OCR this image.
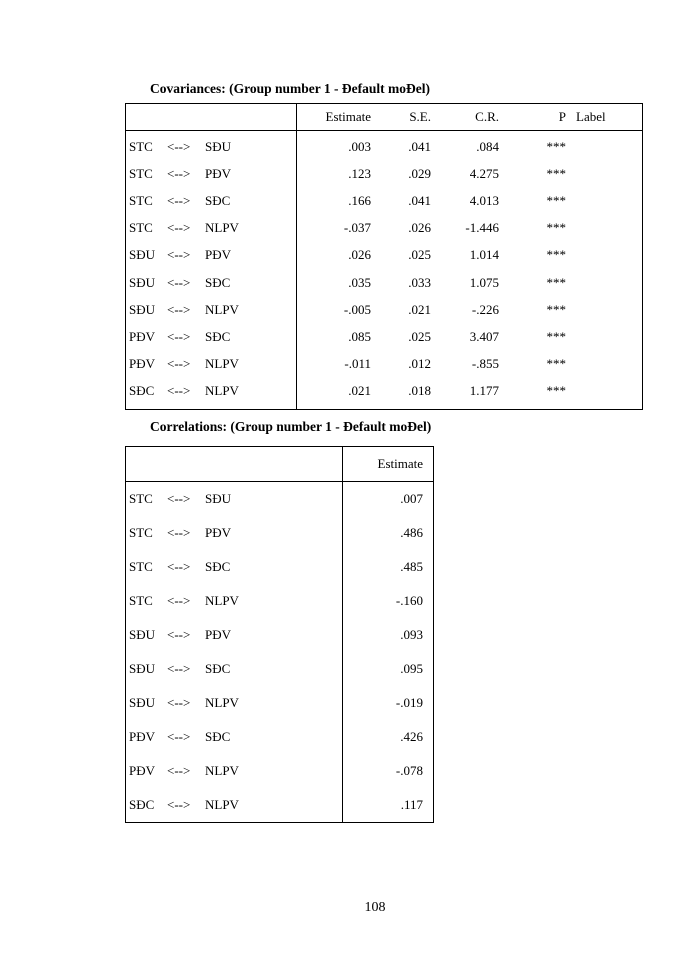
Covariances: (Group number 1 - Đefault moĐel)
	Estimate	S.E.	C.R.	P	Label
STC <--> SĐU	.003	.041	.084	***	
STC <--> PĐV	.123	.029	4.275	***	
STC <--> SĐC	.166	.041	4.013	***	
STC <--> NLPV	-.037	.026	-1.446	***	
SĐU <--> PĐV	.026	.025	1.014	***	
SĐU <--> SĐC	.035	.033	1.075	***	
SĐU <--> NLPV	-.005	.021	-.226	***	
PĐV <--> SĐC	.085	.025	3.407	***	
PĐV <--> NLPV	-.011	.012	-.855	***	
SĐC <--> NLPV	.021	.018	1.177	***	
Correlations: (Group number 1 - Đefault moĐel)
	Estimate
STC <--> SĐU	.007
STC <--> PĐV	.486
STC <--> SĐC	.485
STC <--> NLPV	-.160
SĐU <--> PĐV	.093
SĐU <--> SĐC	.095
SĐU <--> NLPV	-.019
PĐV <--> SĐC	.426
PĐV <--> NLPV	-.078
SĐC <--> NLPV	.117
108
